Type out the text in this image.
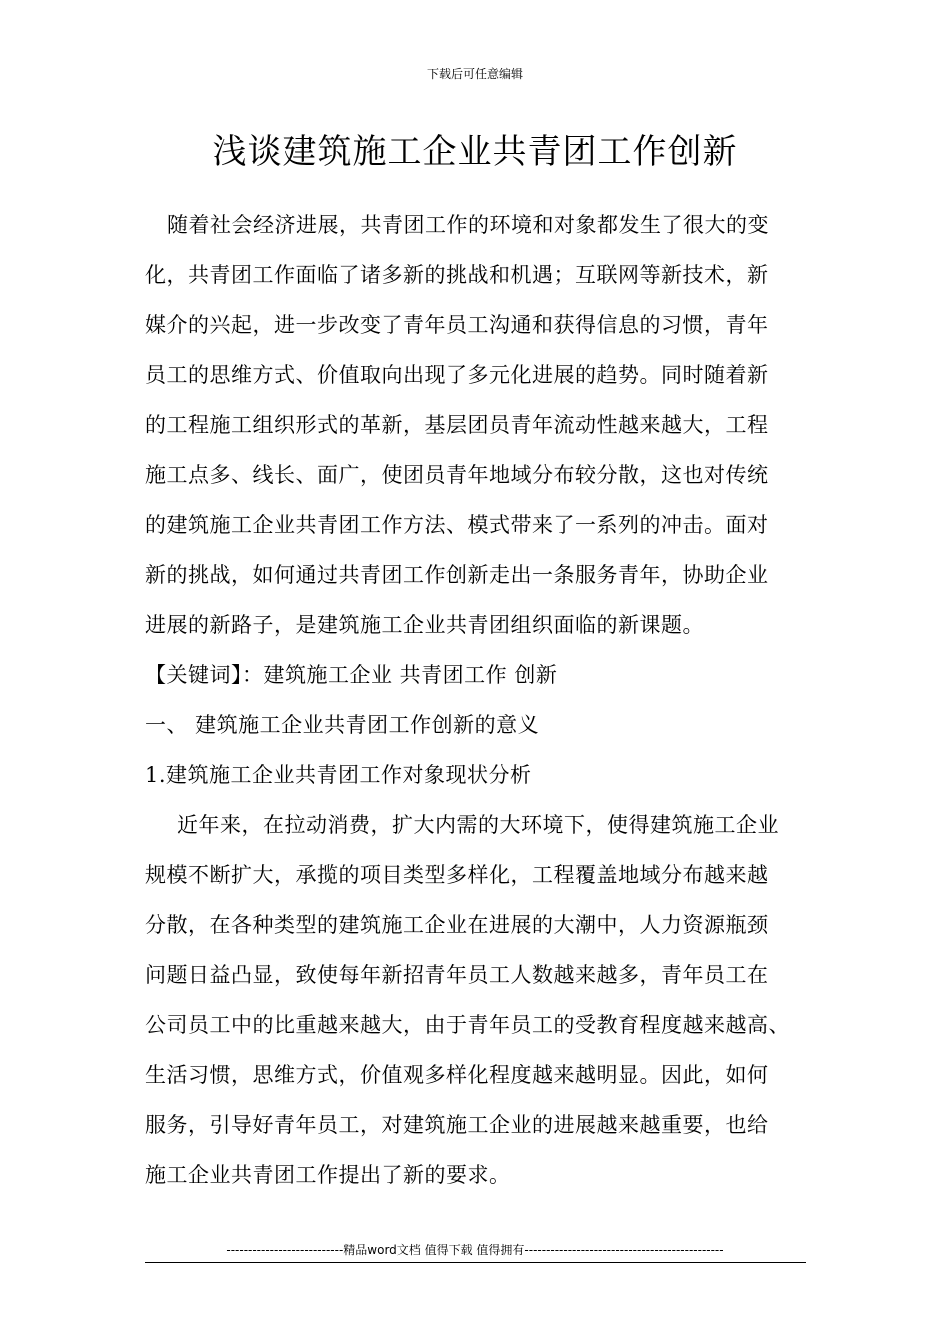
下载后可任意编辑
浅谈建筑施工企业共青团工作创新
随着社会经济进展，共青团工作的环境和对象都发生了很大的变
化，共青团工作面临了诸多新的挑战和机遇；互联网等新技术，新
媒介的兴起，进一步改变了青年员工沟通和获得信息的习惯，青年
员工的思维方式、价值取向出现了多元化进展的趋势。同时随着新
的工程施工组织形式的革新，基层团员青年流动性越来越大，工程
施工点多、线长、面广，使团员青年地域分布较分散，这也对传统
的建筑施工企业共青团工作方法、模式带来了一系列的冲击。面对
新的挑战，如何通过共青团工作创新走出一条服务青年，协助企业
进展的新路子，是建筑施工企业共青团组织面临的新课题。
【关键词】：建筑施工企业 共青团工作 创新
一、 建筑施工企业共青团工作创新的意义
1.建筑施工企业共青团工作对象现状分析
近年来，在拉动消费，扩大内需的大环境下，使得建筑施工企业
规模不断扩大，承揽的项目类型多样化，工程覆盖地域分布越来越
分散，在各种类型的建筑施工企业在进展的大潮中，人力资源瓶颈
问题日益凸显，致使每年新招青年员工人数越来越多，青年员工在
公司员工中的比重越来越大，由于青年员工的受教育程度越来越高、
生活习惯，思维方式，价值观多样化程度越来越明显。因此，如何
服务，引导好青年员工，对建筑施工企业的进展越来越重要，也给
施工企业共青团工作提出了新的要求。
---------------------------精品word文档 值得下载 值得拥有----------------------------------------------
